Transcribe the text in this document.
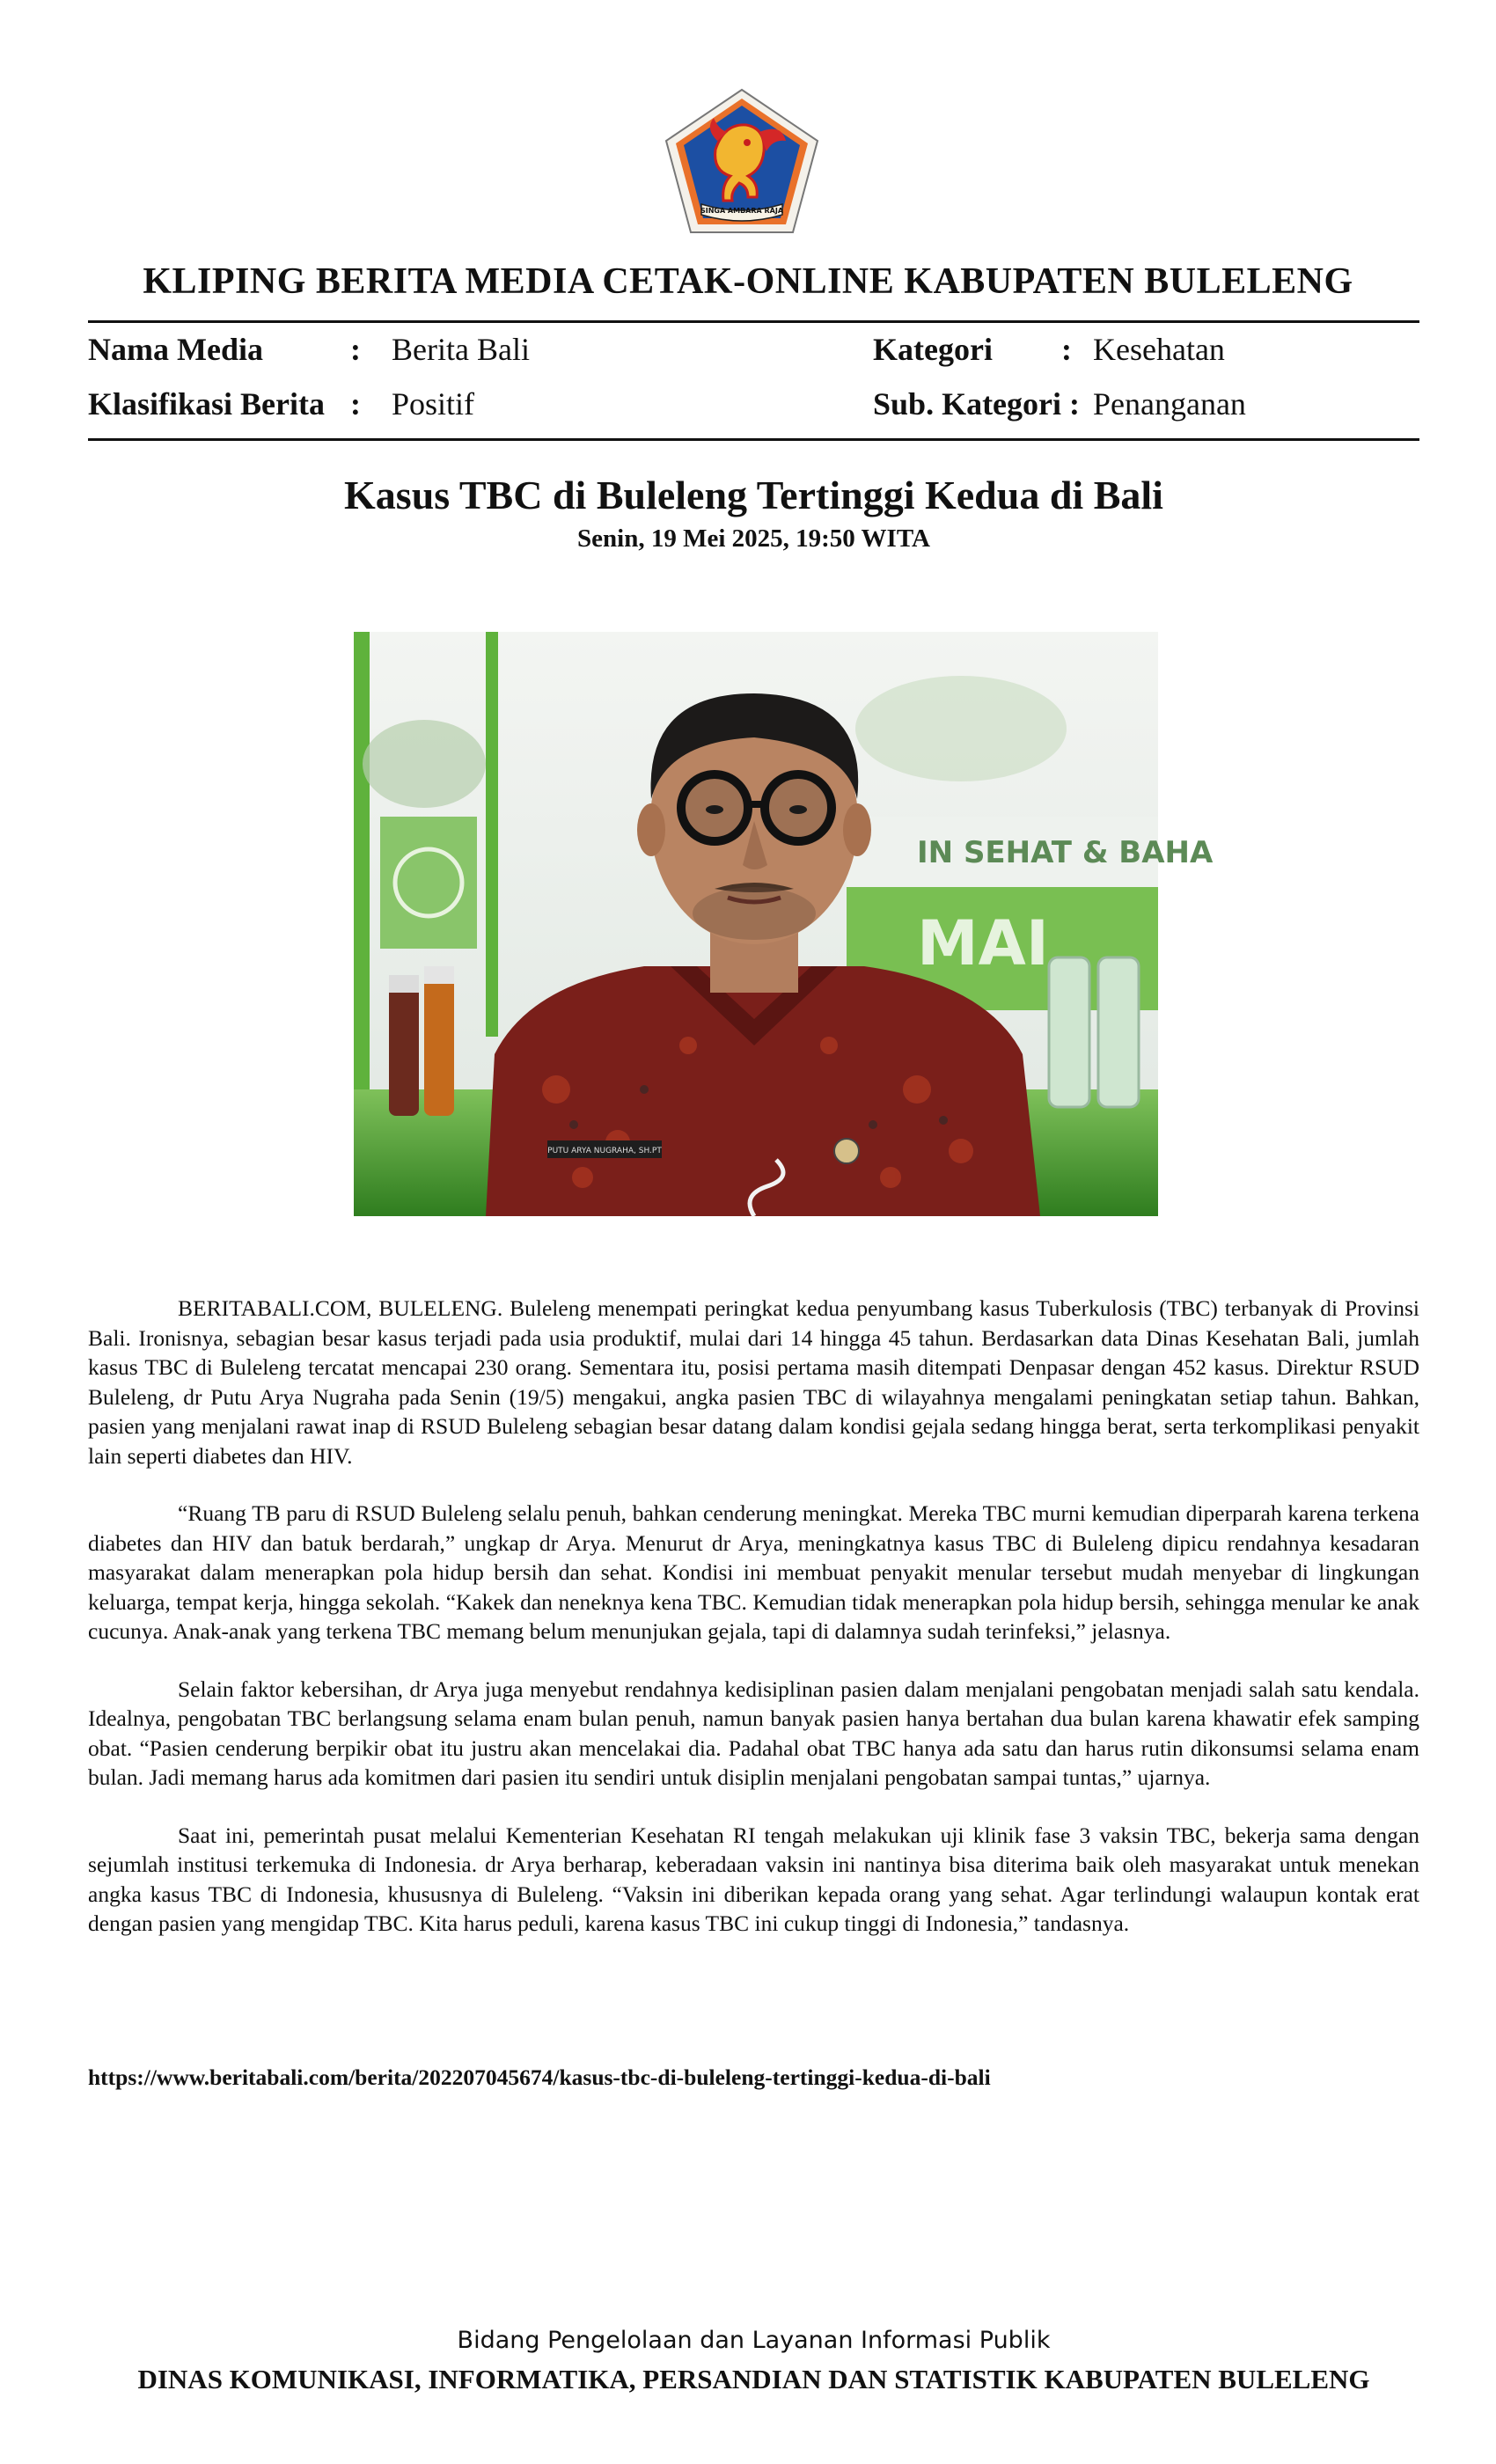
SINGA AMBARA RAJA
KLIPING BERITA MEDIA CETAK-ONLINE KABUPATEN BULELENG
Nama Media	: Berita Bali	Kategori : Kesehatan
Klasifikasi Berita : Positif	Sub. Kategori : Penanganan
Kasus TBC di Buleleng Tertinggi Kedua di Bali
Senin, 19 Mei 2025, 19:50 WITA
IN SEHAT & BAHA
MAI
PUTU ARYA NUGRAHA, SH.PT

BERITABALI.COM, BULELENG. Buleleng menempati peringkat kedua penyumbang kasus Tuberkulosis (TBC) terbanyak di Provinsi Bali. Ironisnya, sebagian besar kasus terjadi pada usia produktif, mulai dari 14 hingga 45 tahun. Berdasarkan data Dinas Kesehatan Bali, jumlah kasus TBC di Buleleng tercatat mencapai 230 orang. Sementara itu, posisi pertama masih ditempati Denpasar dengan 452 kasus. Direktur RSUD Buleleng, dr Putu Arya Nugraha pada Senin (19/5) mengakui, angka pasien TBC di wilayahnya mengalami peningkatan setiap tahun. Bahkan, pasien yang menjalani rawat inap di RSUD Buleleng sebagian besar datang dalam kondisi gejala sedang hingga berat, serta terkomplikasi penyakit lain seperti diabetes dan HIV.

“Ruang TB paru di RSUD Buleleng selalu penuh, bahkan cenderung meningkat. Mereka TBC murni kemudian diperparah karena terkena diabetes dan HIV dan batuk berdarah,” ungkap dr Arya. Menurut dr Arya, meningkatnya kasus TBC di Buleleng dipicu rendahnya kesadaran masyarakat dalam menerapkan pola hidup bersih dan sehat. Kondisi ini membuat penyakit menular tersebut mudah menyebar di lingkungan keluarga, tempat kerja, hingga sekolah. “Kakek dan neneknya kena TBC. Kemudian tidak menerapkan pola hidup bersih, sehingga menular ke anak cucunya. Anak-anak yang terkena TBC memang belum menunjukan gejala, tapi di dalamnya sudah terinfeksi,” jelasnya.

Selain faktor kebersihan, dr Arya juga menyebut rendahnya kedisiplinan pasien dalam menjalani pengobatan menjadi salah satu kendala. Idealnya, pengobatan TBC berlangsung selama enam bulan penuh, namun banyak pasien hanya bertahan dua bulan karena khawatir efek samping obat. “Pasien cenderung berpikir obat itu justru akan mencelakai dia. Padahal obat TBC hanya ada satu dan harus rutin dikonsumsi selama enam bulan. Jadi memang harus ada komitmen dari pasien itu sendiri untuk disiplin menjalani pengobatan sampai tuntas,” ujarnya.

Saat ini, pemerintah pusat melalui Kementerian Kesehatan RI tengah melakukan uji klinik fase 3 vaksin TBC, bekerja sama dengan sejumlah institusi terkemuka di Indonesia. dr Arya berharap, keberadaan vaksin ini nantinya bisa diterima baik oleh masyarakat untuk menekan angka kasus TBC di Indonesia, khususnya di Buleleng. “Vaksin ini diberikan kepada orang yang sehat. Agar terlindungi walaupun kontak erat dengan pasien yang mengidap TBC. Kita harus peduli, karena kasus TBC ini cukup tinggi di Indonesia,” tandasnya.

https://www.beritabali.com/berita/202207045674/kasus-tbc-di-buleleng-tertinggi-kedua-di-bali
Bidang Pengelolaan dan Layanan Informasi Publik
DINAS KOMUNIKASI, INFORMATIKA, PERSANDIAN DAN STATISTIK KABUPATEN BULELENG
